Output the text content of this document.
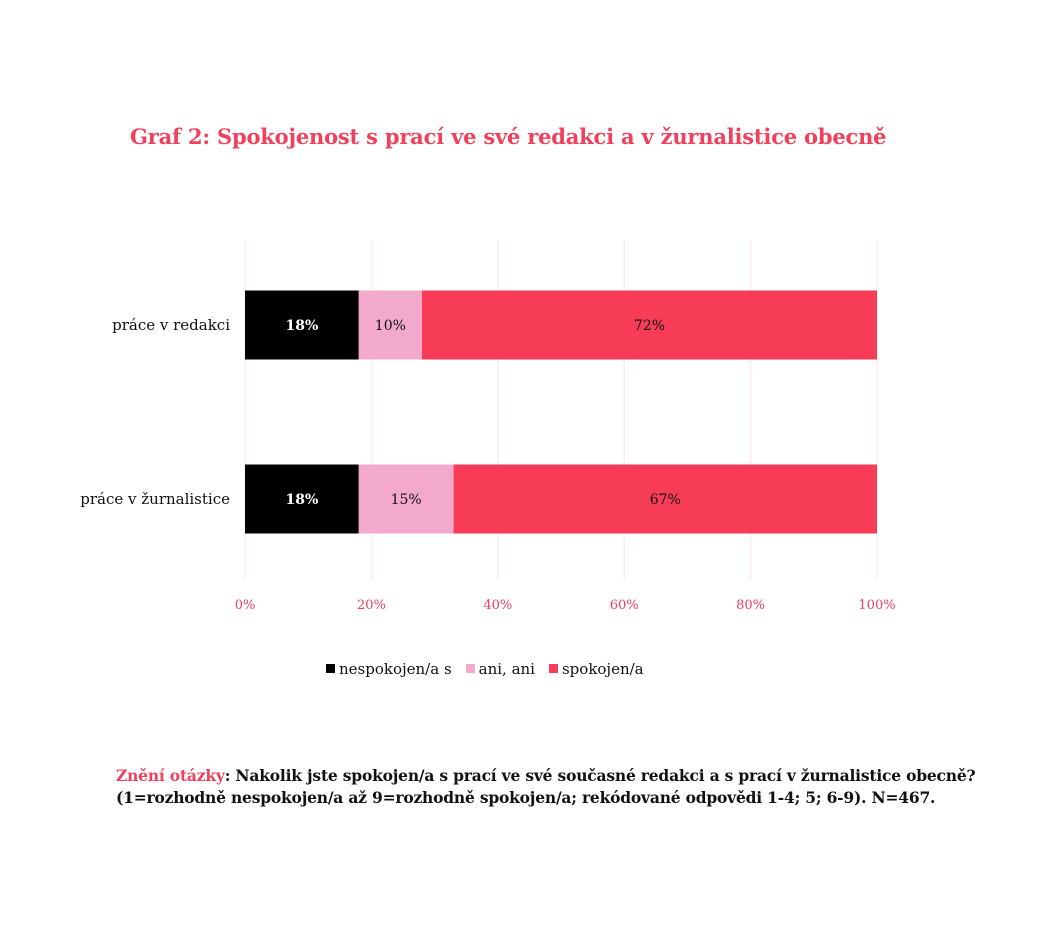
Graf 2: Spokojenost s prací ve své redakci a v žurnalistice obecně
18%	10%	72%
18%	15%	67%
práce v redakci
práce v žurnalistice
0%	20%	40%	60%	80%	100%
nespokojen/a s ani, ani spokojen/a
Znění otázky: Nakolik jste spokojen/a s prací ve své současné redakci a s prací v žurnalistice obecně?
(1=rozhodně nespokojen/a až 9=rozhodně spokojen/a; rekódované odpovědi 1-4; 5; 6-9). N=467.
